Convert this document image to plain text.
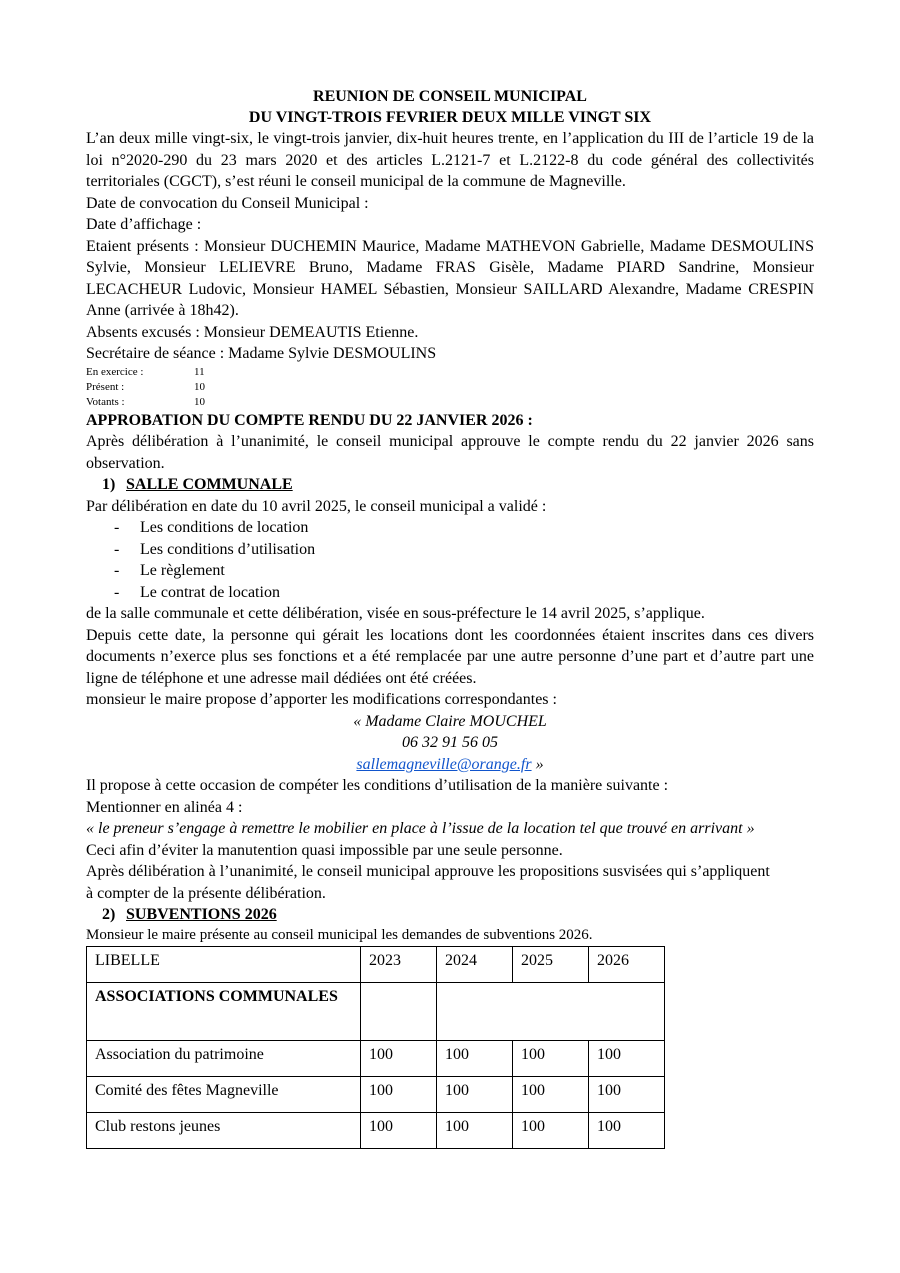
REUNION DE CONSEIL MUNICIPAL
DU VINGT-TROIS FEVRIER DEUX MILLE VINGT SIX
L’an deux mille vingt-six, le vingt-trois janvier, dix-huit heures trente, en l’application du III de l’article 19 de la loi n°2020-290 du 23 mars 2020 et des articles L.2121-7 et L.2122-8 du code général des collectivités territoriales (CGCT), s’est réuni le conseil municipal de la commune de Magneville.
Date de convocation du Conseil Municipal :
Date d’affichage :
Etaient présents : Monsieur DUCHEMIN Maurice, Madame MATHEVON Gabrielle, Madame DESMOULINS Sylvie, Monsieur LELIEVRE Bruno, Madame FRAS Gisèle, Madame PIARD Sandrine, Monsieur LECACHEUR Ludovic, Monsieur HAMEL Sébastien, Monsieur SAILLARD Alexandre, Madame CRESPIN Anne (arrivée à 18h42).
Absents excusés : Monsieur DEMEAUTIS Etienne.
Secrétaire de séance : Madame Sylvie DESMOULINS
En exercice :	11
Présent :	10
Votants :	10
APPROBATION DU COMPTE RENDU DU 22 JANVIER 2026 :
Après délibération à l’unanimité, le conseil municipal approuve le compte rendu du 22 janvier 2026 sans observation.
1) SALLE COMMUNALE
Par délibération en date du 10 avril 2025, le conseil municipal a validé :
- Les conditions de location
- Les conditions d’utilisation
- Le règlement
- Le contrat de location
de la salle communale et cette délibération, visée en sous-préfecture le 14 avril 2025, s’applique.
Depuis cette date, la personne qui gérait les locations dont les coordonnées étaient inscrites dans ces divers documents n’exerce plus ses fonctions et a été remplacée par une autre personne d’une part et d’autre part une ligne de téléphone et une adresse mail dédiées ont été créées.
monsieur le maire propose d’apporter les modifications correspondantes :
« Madame Claire MOUCHEL
06 32 91 56 05
sallemagneville@orange.fr »
Il propose à cette occasion de compéter les conditions d’utilisation de la manière suivante :
Mentionner en alinéa 4 :
« le preneur s’engage à remettre le mobilier en place à l’issue de la location tel que trouvé en arrivant »
Ceci afin d’éviter la manutention quasi impossible par une seule personne.
Après délibération à l’unanimité, le conseil municipal approuve les propositions susvisées qui s’appliquent à compter de la présente délibération.
2) SUBVENTIONS 2026
Monsieur le maire présente au conseil municipal les demandes de subventions 2026.
LIBELLE	2023	2024	2025	2026
ASSOCIATIONS COMMUNALES				
Association du patrimoine	100	100	100	100
Comité des fêtes Magneville	100	100	100	100
Club restons jeunes	100	100	100	100
